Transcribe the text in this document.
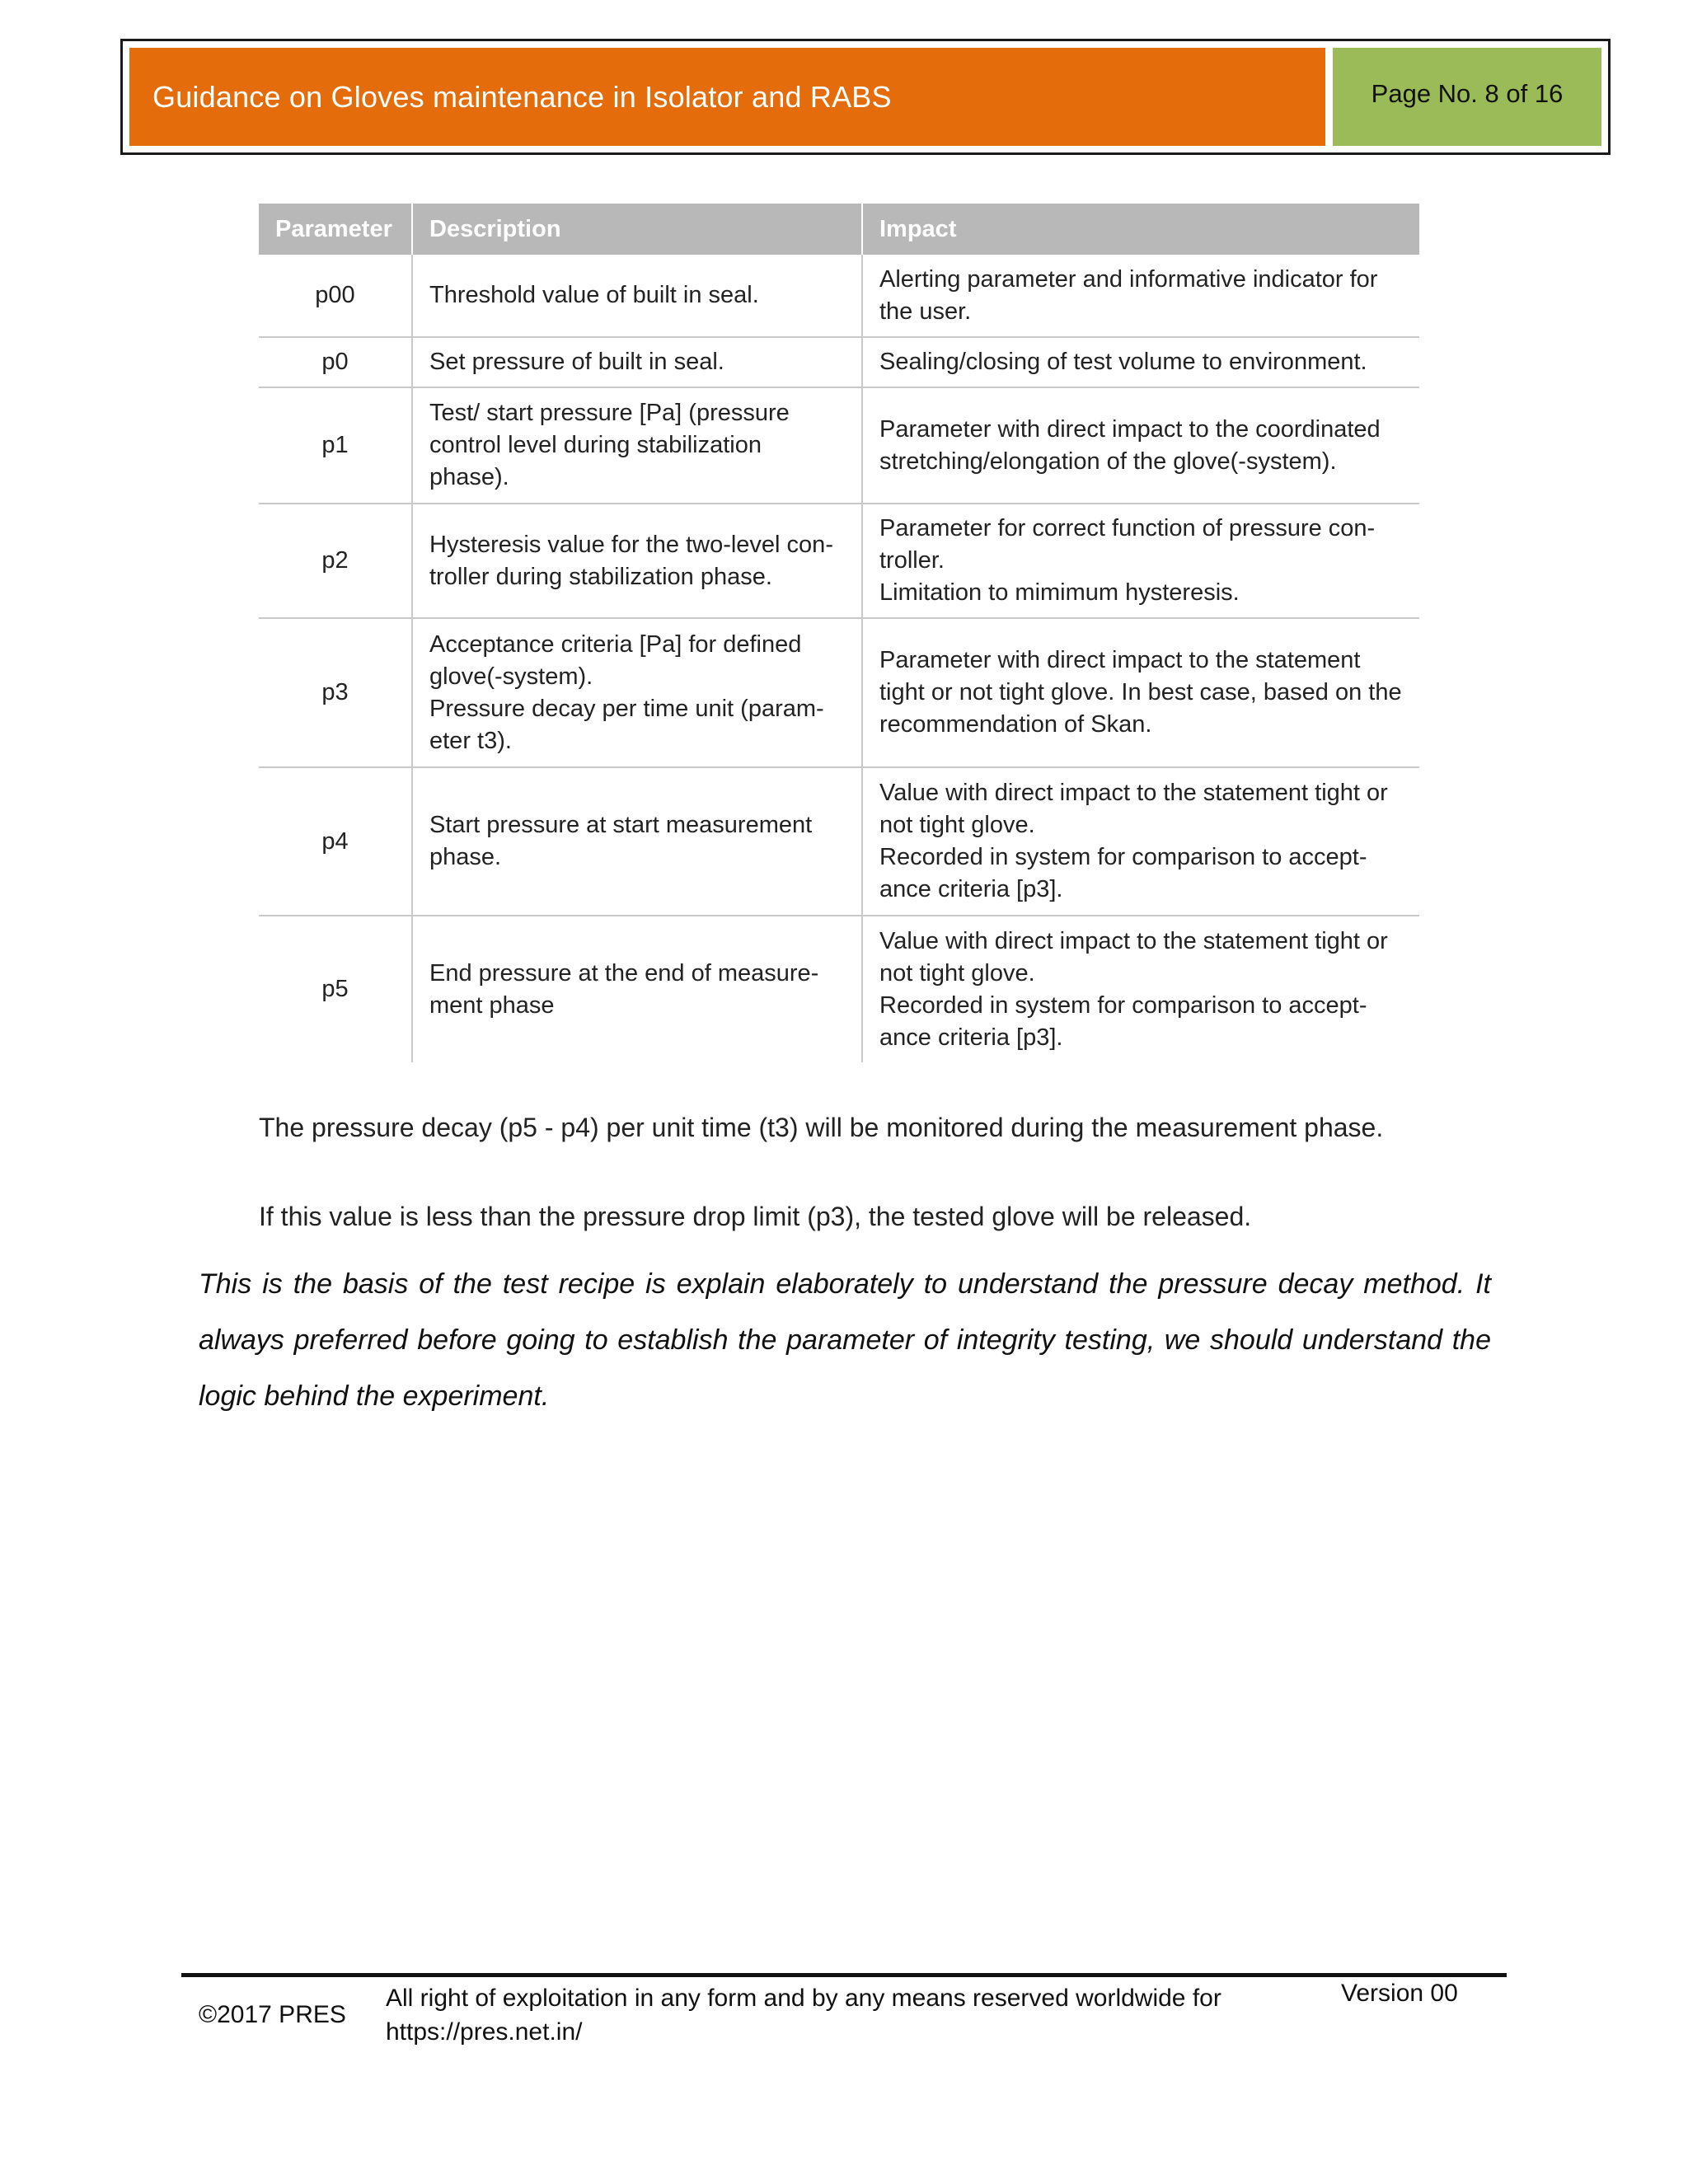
Guidance on Gloves maintenance in Isolator and RABS	Page No. 8 of 16
Parameter	Description	Impact
p00	Threshold value of built in seal.	Alerting parameter and informative indicator for the user.
p0	Set pressure of built in seal.	Sealing/closing of test volume to environment.
p1	Test/ start pressure [Pa] (pressure control level during stabilization phase).	Parameter with direct impact to the coordinated stretching/elongation of the glove(-system).
p2	Hysteresis value for the two-level con- troller during stabilization phase.	Parameter for correct function of pressure con- troller.
Limitation to mimimum hysteresis.

p3	Acceptance criteria [Pa] for defined glove(-system).
Pressure decay per time unit (param- eter t3).	Parameter with direct impact to the statement tight or not tight glove. In best case, based on the recommendation of Skan.
p4	Start pressure at start measurement phase.	Value with direct impact to the statement tight or not tight glove.
Recorded in system for comparison to accept- ance criteria [p3].

p5	End pressure at the end of measure- ment phase	Value with direct impact to the statement tight or not tight glove.
Recorded in system for comparison to accept- ance criteria [p3].

The pressure decay (p5 - p4) per unit time (t3) will be monitored during the measurement phase.

If this value is less than the pressure drop limit (p3), the tested glove will be released.

This is the basis of the test recipe is explain elaborately to understand the pressure decay method. It always preferred before going to establish the parameter of integrity testing, we should understand the logic behind the experiment.

©2017 PRES
All right of exploitation in any form and by any means reserved worldwide for
https://pres.net.in/
Version 00
